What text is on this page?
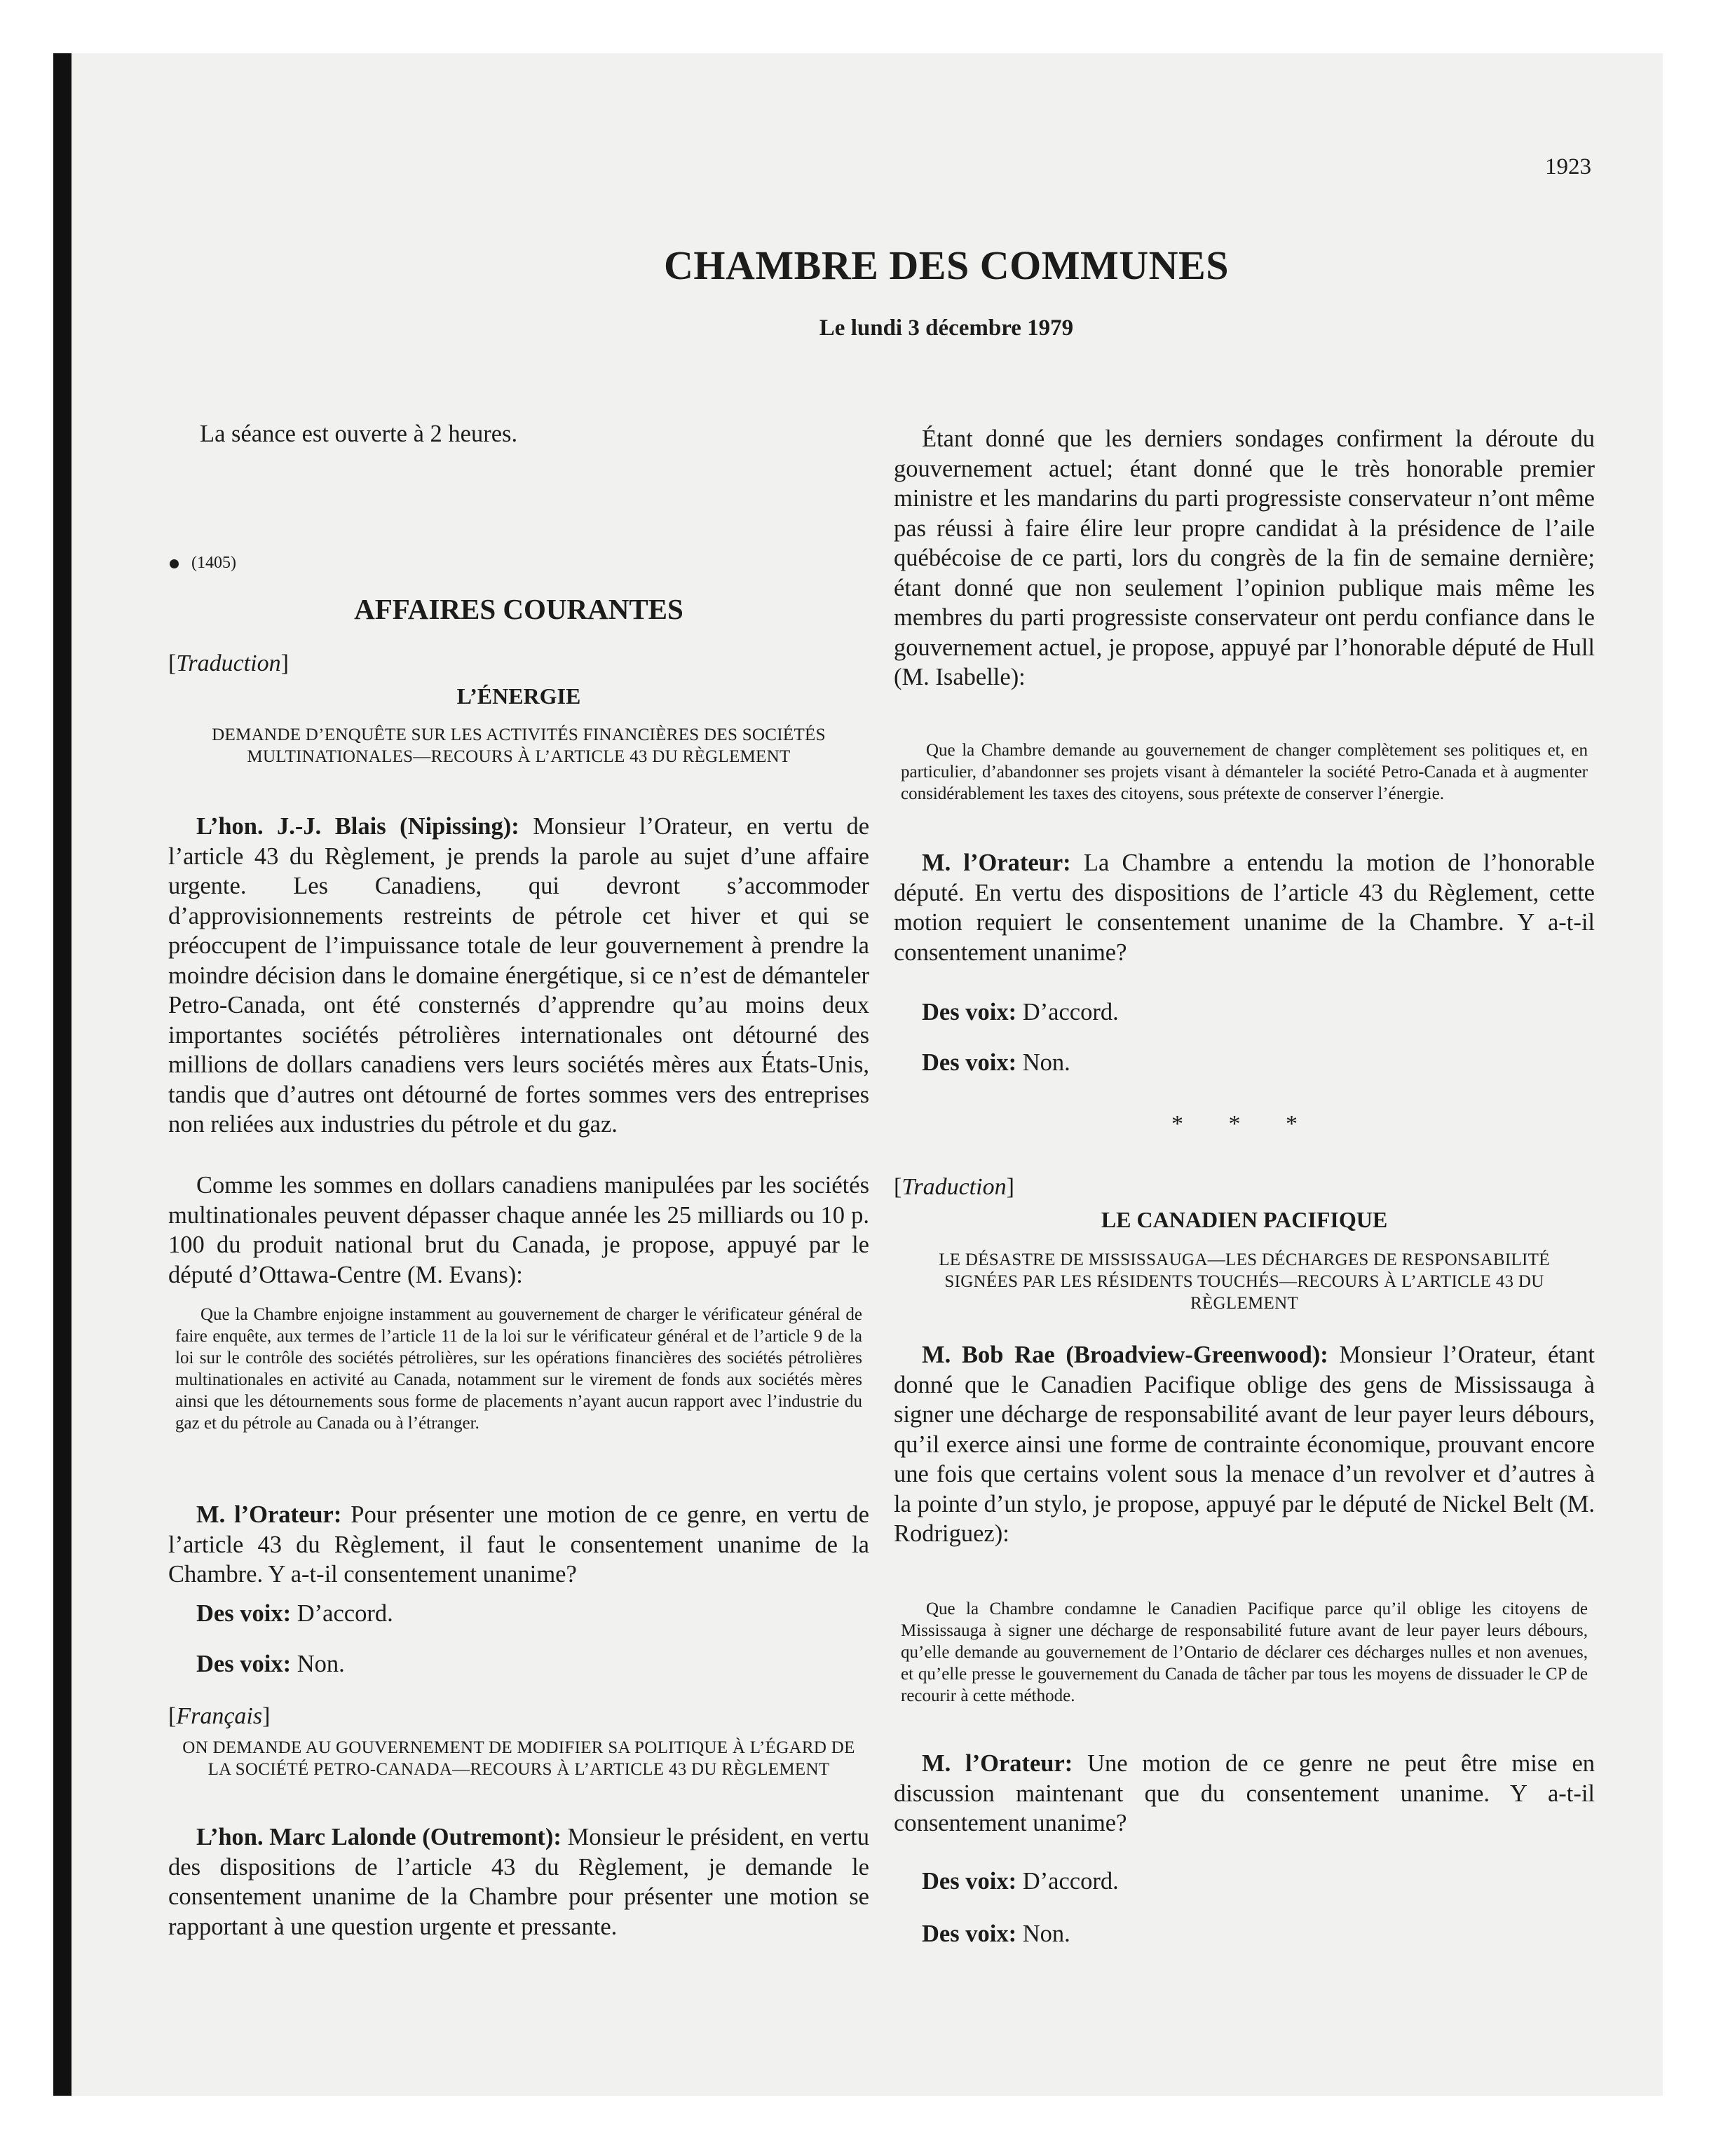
1923
CHAMBRE DES COMMUNES
Le lundi 3 décembre 1979

La séance est ouverte à 2 heures.

(1405)

AFFAIRES COURANTES

[Traduction]

L’ÉNERGIE

DEMANDE D’ENQUÊTE SUR LES ACTIVITÉS FINANCIÈRES DES SOCIÉTÉS MULTINATIONALES—RECOURS À L’ARTICLE 43 DU RÈGLEMENT

L’hon. J.-J. Blais (Nipissing): Monsieur l’Orateur, en vertu de l’article 43 du Règlement, je prends la parole au sujet d’une affaire urgente. Les Canadiens, qui devront s’accommoder d’approvisionnements restreints de pétrole cet hiver et qui se préoccupent de l’impuissance totale de leur gouvernement à prendre la moindre décision dans le domaine énergétique, si ce n’est de démanteler Petro-Canada, ont été consternés d’apprendre qu’au moins deux importantes sociétés pétrolières internationales ont détourné des millions de dollars canadiens vers leurs sociétés mères aux États-Unis, tandis que d’autres ont détourné de fortes sommes vers des entreprises non reliées aux industries du pétrole et du gaz.

Comme les sommes en dollars canadiens manipulées par les sociétés multinationales peuvent dépasser chaque année les 25 milliards ou 10 p. 100 du produit national brut du Canada, je propose, appuyé par le député d’Ottawa-Centre (M. Evans):

Que la Chambre enjoigne instamment au gouvernement de charger le vérificateur général de faire enquête, aux termes de l’article 11 de la loi sur le vérificateur général et de l’article 9 de la loi sur le contrôle des sociétés pétrolières, sur les opérations financières des sociétés pétrolières multinationales en activité au Canada, notamment sur le virement de fonds aux sociétés mères ainsi que les détournements sous forme de placements n’ayant aucun rapport avec l’industrie du gaz et du pétrole au Canada ou à l’étranger.

M. l’Orateur: Pour présenter une motion de ce genre, en vertu de l’article 43 du Règlement, il faut le consentement unanime de la Chambre. Y a-t-il consentement unanime?

Des voix: D’accord.

Des voix: Non.

[Français]

ON DEMANDE AU GOUVERNEMENT DE MODIFIER SA POLITIQUE À L’ÉGARD DE LA SOCIÉTÉ PETRO-CANADA—RECOURS À L’ARTICLE 43 DU RÈGLEMENT

L’hon. Marc Lalonde (Outremont): Monsieur le président, en vertu des dispositions de l’article 43 du Règlement, je demande le consentement unanime de la Chambre pour présenter une motion se rapportant à une question urgente et pressante.

Étant donné que les derniers sondages confirment la déroute du gouvernement actuel; étant donné que le très honorable premier ministre et les mandarins du parti progressiste conservateur n’ont même pas réussi à faire élire leur propre candidat à la présidence de l’aile québécoise de ce parti, lors du congrès de la fin de semaine dernière; étant donné que non seulement l’opinion publique mais même les membres du parti progressiste conservateur ont perdu confiance dans le gouvernement actuel, je propose, appuyé par l’honorable député de Hull (M. Isabelle):

Que la Chambre demande au gouvernement de changer complètement ses politiques et, en particulier, d’abandonner ses projets visant à démanteler la société Petro-Canada et à augmenter considérablement les taxes des citoyens, sous prétexte de conserver l’énergie.

M. l’Orateur: La Chambre a entendu la motion de l’honorable député. En vertu des dispositions de l’article 43 du Règlement, cette motion requiert le consentement unanime de la Chambre. Y a-t-il consentement unanime?

Des voix: D’accord.

Des voix: Non.

* * *

[Traduction]

LE CANADIEN PACIFIQUE

LE DÉSASTRE DE MISSISSAUGA—LES DÉCHARGES DE RESPONSABILITÉ SIGNÉES PAR LES RÉSIDENTS TOUCHÉS—RECOURS À L’ARTICLE 43 DU RÈGLEMENT

M. Bob Rae (Broadview-Greenwood): Monsieur l’Orateur, étant donné que le Canadien Pacifique oblige des gens de Mississauga à signer une décharge de responsabilité avant de leur payer leurs débours, qu’il exerce ainsi une forme de contrainte économique, prouvant encore une fois que certains volent sous la menace d’un revolver et d’autres à la pointe d’un stylo, je propose, appuyé par le député de Nickel Belt (M. Rodriguez):

Que la Chambre condamne le Canadien Pacifique parce qu’il oblige les citoyens de Mississauga à signer une décharge de responsabilité future avant de leur payer leurs débours, qu’elle demande au gouvernement de l’Ontario de déclarer ces décharges nulles et non avenues, et qu’elle presse le gouvernement du Canada de tâcher par tous les moyens de dissuader le CP de recourir à cette méthode.

M. l’Orateur: Une motion de ce genre ne peut être mise en discussion maintenant que du consentement unanime. Y a-t-il consentement unanime?

Des voix: D’accord.

Des voix: Non.
